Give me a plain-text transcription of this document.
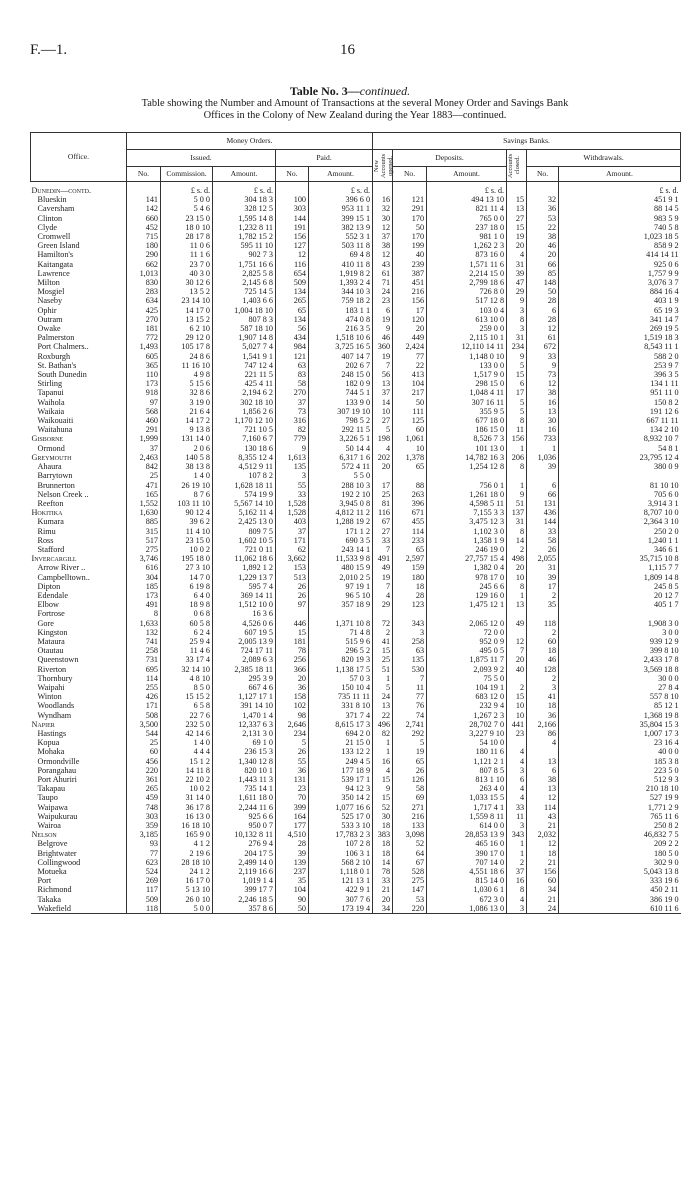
F.—1.	16
Table No. 3—continued.
Table showing the Number and Amount of Transactions at the several Money Order and Savings Bank
Offices in the Colony of New Zealand during the Year 1883—continued.
Office.	Money Orders.					Savings Banks.					
	Issued.			Paid.		New Accounts opened.	Deposits.		Accounts closed.	Withdrawals.	
	No.	Commission.	Amount.	No.	Amount.		No.	Amount.		No.	Amount.
Dunedin—contd.		£ s. d.	£ s. d.		£ s. d.			£ s. d.			£ s. d.
Blueskin	141	5 0 0	304 18 3	100	396 6 0	16	121	494 13 10	15	32	451 9 1
Caversham	142	5 4 6	328 12 5	303	953 11 1	32	291	821 11 4	13	36	88 14 5
Clinton	660	23 15 0	1,595 14 8	144	399 15 1	30	170	765 0 0	27	53	983 5 9
Clyde	452	18 0 10	1,232 8 11	191	382 13 9	12	50	237 18 0	15	22	740 5 8
Cromwell	715	28 17 8	1,782 15 2	156	552 3 1	37	170	981 1 0	19	38	1,023 18 5
Green Island	180	11 0 6	595 11 10	127	503 11 8	38	199	1,262 2 3	20	46	858 9 2
Hamilton's	290	11 1 6	902 7 3	12	69 4 8	12	40	873 16 0	4	20	414 14 11
Kaitangata	662	23 7 0	1,751 16 6	116	410 11 8	43	239	1,571 11 6	31	66	925 0 6
Lawrence	1,013	40 3 0	2,825 5 8	654	1,919 8 2	61	387	2,214 15 0	39	85	1,757 9 9
Milton	830	30 12 6	2,145 6 8	509	1,393 2 4	71	451	2,799 18 6	47	148	3,076 3 7
Mosgiel	283	13 5 2	725 14 5	134	344 10 3	24	216	726 8 0	29	50	884 16 4
Naseby	634	23 14 10	1,403 6 6	265	759 18 2	23	156	517 12 8	9	28	403 1 9
Ophir	425	14 17 0	1,004 18 10	65	183 1 1	6	17	103 0 4	3	6	65 19 3
Outram	270	13 15 2	807 8 3	134	474 0 8	19	120	613 10 0	8	28	341 14 7
Owake	181	6 2 10	587 18 10	56	216 3 5	9	20	259 0 0	3	12	269 19 5
Palmerston	772	29 12 0	1,907 14 8	434	1,518 10 6	46	449	2,115 10 1	31	61	1,519 18 3
Port Chalmers..	1,493	105 17 8	5,027 7 4	984	3,725 16 5	360	2,424	12,110 14 11	234	672	8,543 11 1
Roxburgh	605	24 8 6	1,541 9 1	121	407 14 7	19	77	1,148 0 10	9	33	588 2 0
St. Bathan's	365	11 16 10	747 12 4	63	202 6 7	7	22	133 0 0	5	9	253 9 7
South Dunedin	110	4 9 8	221 11 5	83	248 15 0	56	413	1,517 9 0	15	73	396 3 5
Stirling	173	5 15 6	425 4 11	58	182 0 9	13	104	298 15 0	6	12	134 1 11
Tapanui	918	32 8 6	2,194 6 2	270	744 5 1	37	217	1,048 4 11	17	38	951 11 0
Waihola	97	3 19 0	302 18 10	37	133 9 0	14	50	307 16 11	5	16	150 8 2
Waikaia	568	21 6 4	1,856 2 6	73	307 19 10	10	111	355 9 5	5	13	191 12 6
Waikouaiti	460	14 17 2	1,170 12 10	316	798 5 2	27	125	677 18 0	8	30	667 11 11
Waitahuna	291	9 13 8	721 10 5	82	292 11 5	5	60	186 15 0	11	16	134 2 10
Gisborne	1,999	131 14 0	7,160 6 7	779	3,226 5 1	198	1,061	8,526 7 3	156	733	8,932 10 7
Ormond	37	2 0 6	130 18 6	9	50 14 4	4	10	101 13 0	1	1	54 8 1
Greymouth	2,463	140 5 8	8,355 12 4	1,613	6,317 1 6	202	1,378	14,782 16 3	206	1,036	23,795 12 4
Ahaura	842	38 13 8	4,512 9 11	135	572 4 11	20	65	1,254 12 8	8	39	380 0 9
Barrytown	25	1 4 0	107 8 2	3	5 5 0						
Brunnerton	471	26 19 10	1,628 18 11	55	288 10 3	17	88	756 0 1	1	6	81 10 10
Nelson Creek ..	165	8 7 6	574 19 9	33	192 2 10	25	263	1,261 18 0	9	66	705 6 0
Reefton	1,552	103 11 10	5,567 14 10	1,528	3,945 0 8	81	396	4,598 5 11	51	131	3,914 3 1
Hokitika	1,630	90 12 4	5,162 11 4	1,528	4,812 11 2	116	671	7,155 3 3	137	436	8,707 10 0
Kumara	885	39 6 2	2,425 13 0	403	1,288 19 2	67	455	3,475 12 3	31	144	2,364 3 10
Rimu	315	11 4 10	809 7 5	37	171 1 2	27	114	1,102 3 0	8	33	250 2 0
Ross	517	23 15 0	1,602 10 5	171	690 3 5	33	233	1,358 1 9	14	58	1,240 1 1
Stafford	275	10 0 2	721 0 11	62	243 14 1	7	65	246 19 0	2	26	346 6 1
Invercargill	3,746	195 18 0	11,062 18 6	3,662	11,533 9 8	491	2,597	27,757 15 4	498	2,055	35,715 10 8
Arrow River ..	616	27 3 10	1,892 1 2	153	480 15 9	49	159	1,382 0 4	20	31	1,115 7 7
Campbelltown..	304	14 7 0	1,229 13 7	513	2,010 2 5	19	180	978 17 0	10	39	1,809 14 8
Dipton	185	6 19 8	595 7 4	26	97 19 1	7	18	245 6 6	8	17	245 8 5
Edendale	173	6 4 0	369 14 11	26	96 5 10	4	28	129 16 0	1	2	20 12 7
Elbow	491	18 9 8	1,512 10 0	97	357 18 9	29	123	1,475 12 1	13	35	405 1 7
Fortrose	8	0 6 8	16 3 6								
Gore	1,633	60 5 8	4,526 0 6	446	1,371 10 8	72	343	2,065 12 0	49	118	1,908 3 0
Kingston	132	6 2 4	607 19 5	15	71 4 8	2	3	72 0 0		2	3 0 0
Mataura	741	25 9 4	2,005 13 9	181	515 9 6	41	258	952 0 9	12	60	939 12 9
Otautau	258	11 4 6	724 17 11	78	296 5 2	15	63	495 0 5	7	18	399 8 10
Queenstown	731	33 17 4	2,089 6 3	256	820 19 3	25	135	1,875 11 7	20	46	2,433 17 8
Riverton	695	32 14 10	2,385 18 11	366	1,138 17 5	51	530	2,093 9 2	40	128	3,569 18 8
Thornbury	114	4 8 10	295 3 9	20	57 0 3	1	7	75 5 0		2	30 0 0
Waipahi	255	8 5 0	667 4 6	36	150 10 4	5	11	104 19 1	2	3	27 8 4
Winton	426	15 15 2	1,127 17 1	158	735 11 11	24	77	683 12 0	15	41	557 8 10
Woodlands	171	6 5 8	391 14 10	102	331 8 10	13	76	232 9 4	10	18	85 12 1
Wyndham	508	22 7 6	1,470 1 4	98	371 7 4	22	74	1,267 2 3	10	36	1,368 19 8
Napier	3,500	232 5 0	12,337 6 3	2,646	8,615 17 3	496	2,741	28,702 7 0	441	2,166	35,804 15 3
Hastings	544	42 14 6	2,131 3 0	234	694 2 0	82	292	3,227 9 10	23	86	1,007 17 3
Kopua	25	1 4 0	69 1 0	5	21 15 0	1	5	54 10 0		4	23 16 4
Mohaka	60	4 4 4	236 15 3	26	133 12 2	1	19	180 11 6	4		40 0 0
Ormondville	456	15 1 2	1,340 12 8	55	249 4 5	16	65	1,121 2 1	4	13	185 3 8
Porangahau	220	14 11 8	820 10 1	36	177 18 9	4	26	807 8 5	3	6	223 5 0
Port Ahuriri	361	22 10 2	1,443 11 3	131	539 17 1	15	126	813 1 10	6	38	512 9 3
Takapau	265	10 0 2	735 14 1	23	94 12 3	9	58	263 4 0	4	13	210 18 10
Taupo	459	31 14 0	1,611 18 0	70	350 14 2	15	69	1,033 15 5	4	12	527 19 9
Waipawa	748	36 17 8	2,244 11 6	399	1,077 16 6	52	271	1,717 4 1	33	114	1,771 2 9
Waipukurau	303	16 13 0	925 6 6	164	525 17 0	30	216	1,559 8 11	11	43	765 11 6
Wairoa	359	16 18 10	950 0 7	177	533 3 10	18	133	614 0 0	3	21	250 8 2
Nelson	3,185	165 9 0	10,132 8 11	4,510	17,783 2 3	383	3,098	28,853 13 9	343	2,032	46,832 7 5
Belgrove	93	4 1 2	276 9 4	28	107 2 8	18	52	465 16 0	1	12	209 2 2
Brightwater	77	2 19 6	204 17 5	39	106 3 1	18	64	390 17 0	1	18	180 5 0
Collingwood	623	28 18 10	2,499 14 0	139	568 2 10	14	67	707 14 0	2	21	302 9 0
Motueka	524	24 1 2	2,119 16 6	237	1,118 0 1	78	528	4,551 18 6	37	156	5,043 13 8
Port	269	16 17 0	1,019 1 4	35	121 13 1	33	275	815 14 0	16	60	333 19 6
Richmond	117	5 13 10	399 17 7	104	422 9 1	21	147	1,030 6 1	8	34	450 2 11
Takaka	509	26 0 10	2,246 18 5	90	307 7 6	20	53	672 3 0	4	21	386 19 0
Wakefield	118	5 0 0	357 8 6	50	173 19 4	34	220	1,086 13 0	3	24	610 11 6
